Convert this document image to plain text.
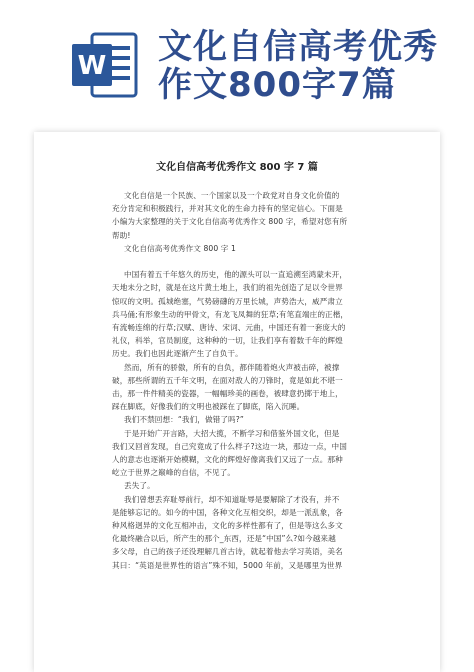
W 文化自信高考优秀
作文800字7篇
文化自信高考优秀作文 800 字 7 篇
文化自信是一个民族、一个国家以及一个政党对自身文化价值的
充分肯定和积极践行，并对其文化的生命力持有的坚定信心。下面是
小编为大家整理的关于文化自信高考优秀作文 800 字，希望对您有所
帮助!
文化自信高考优秀作文 800 字 1
中国有着五千年悠久的历史，他的源头可以一直追溯至鸿蒙未开，
天地未分之时，就是在这片黄土地上，我们的祖先创造了足以令世界
惊叹的文明。孤城绝塞，气势磅礴的万里长城，声势浩大，威严肃立
兵马俑;有形象生动的甲骨文，有龙飞凤舞的狂草;有笔直端庄的正楷，
有流畅连绵的行草;汉赋、唐诗、宋词、元曲，中国还有着一套庞大的
礼仪，科举，官员制度，这种种的一切，让我们享有着数千年的辉煌
历史。我们也因此逐渐产生了自负干。
然而，所有的骄傲，所有的自负，都伴随着炮火声被击碎，被撑
破，那些所谓的五千年文明，在面对敌人的刀锋时，竟是如此不堪一
击，那一件件精美的瓷器，一幅幅珍美的画卷，被肆意扔掷于地上，
踩在脚底，好像我们的文明也被踩在了脚底，陷入沉睡。
我们不禁回想：“我们，做错了吗?”
于是开始广开言路，大招大揽，不断学习和借鉴外国文化，但是
我们又回首发现，自己究竟成了什么样子?这边一块，那边一点，中国
人的意志也逐渐开始模糊，文化的辉煌好像离我们又远了一点。那种
屹立于世界之巅峰的自信，不见了。
丢失了。
我们曾想丢弃耻辱前行，却不知道耻辱是要解除了才没有，并不
是能够忘记的。如今的中国，各种文化互相交织，却是一派乱象，各
种风格迥异的文化互相冲击，文化的多样性都有了，但是等这么多文
化最终融合以后，所产生的那个_东西，还是“中国”么?如今越来越
多父母，自己的孩子还没理解几首古诗，就起着他去学习英语，美名
其曰：“英语是世界性的语言”殊不知，5000 年前，又是哪里为世界
